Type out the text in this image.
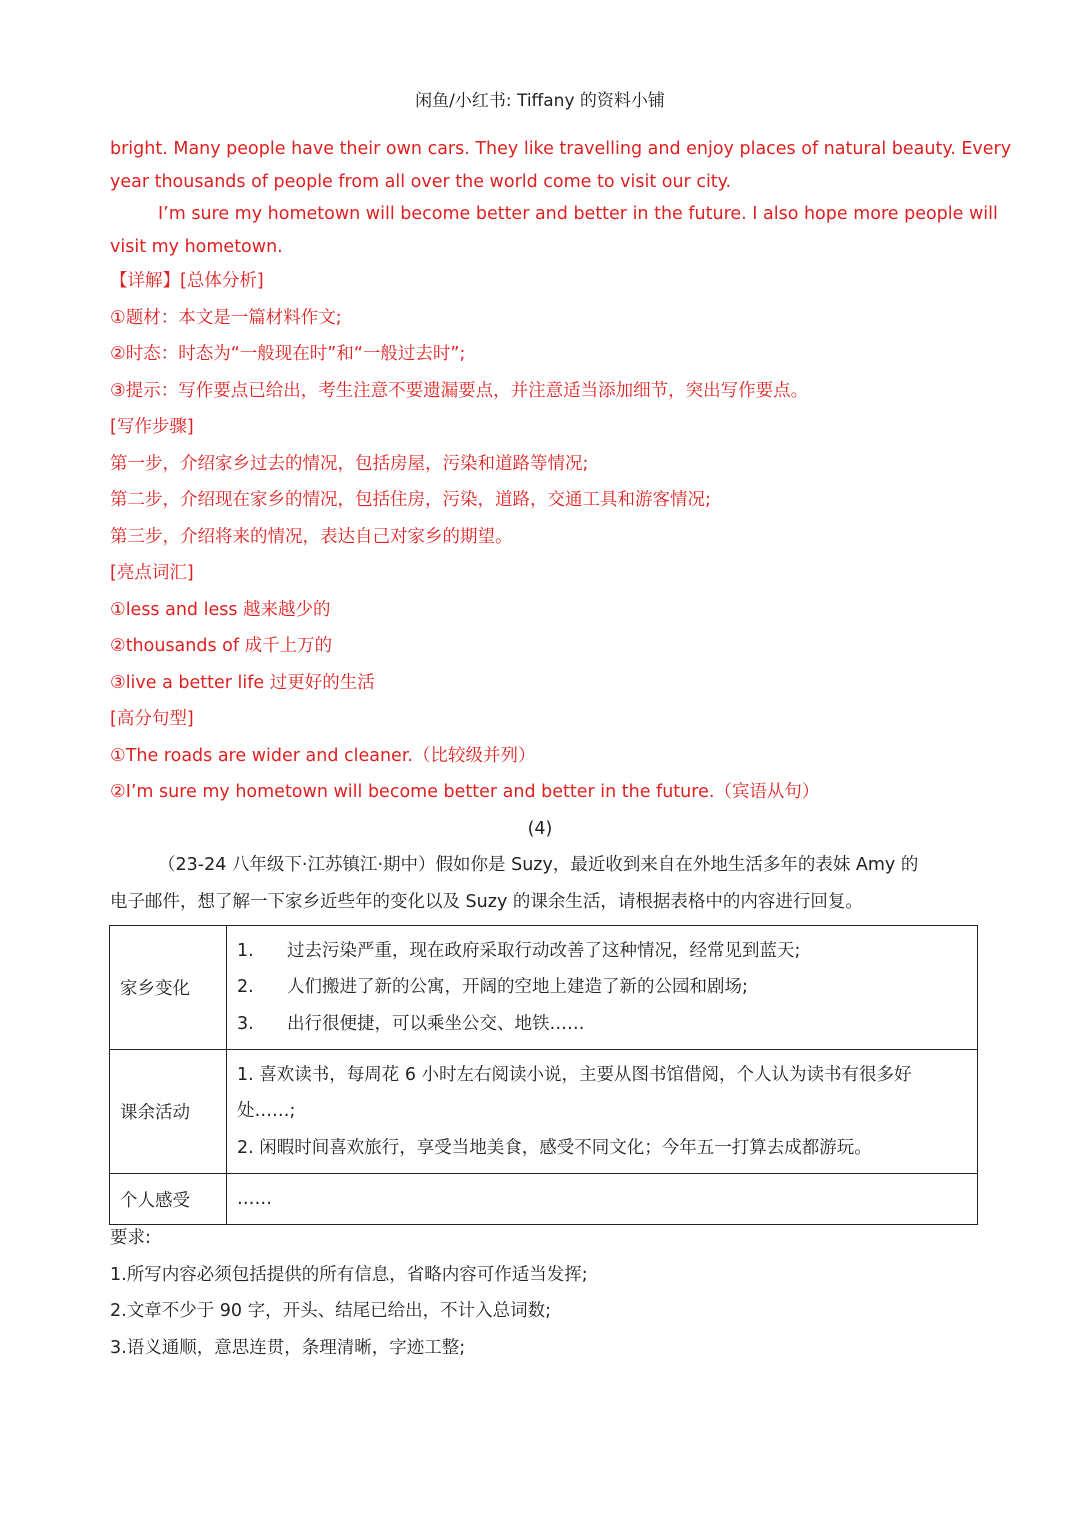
闲鱼/小红书: Tiffany 的资料小铺
bright. Many people have their own cars. They like travelling and enjoy places of natural beauty. Every
year thousands of people from all over the world come to visit our city.
I’m sure my hometown will become better and better in the future. I also hope more people will
visit my hometown.
【详解】[总体分析]
①题材：本文是一篇材料作文;
②时态：时态为“一般现在时”和“一般过去时”;
③提示：写作要点已给出，考生注意不要遗漏要点，并注意适当添加细节，突出写作要点。
[写作步骤]
第一步，介绍家乡过去的情况，包括房屋，污染和道路等情况;
第二步，介绍现在家乡的情况，包括住房，污染，道路，交通工具和游客情况;
第三步，介绍将来的情况，表达自己对家乡的期望。
[亮点词汇]
①less and less 越来越少的
②thousands of 成千上万的
③live a better life 过更好的生活
[高分句型]
①The roads are wider and cleaner.（比较级并列）
②I’m sure my hometown will become better and better in the future.（宾语从句）
(4)
（23-24 八年级下·江苏镇江·期中）假如你是 Suzy，最近收到来自在外地生活多年的表妹 Amy 的
电子邮件，想了解一下家乡近些年的变化以及 Suzy 的课余生活，请根据表格中的内容进行回复。
家乡变化	1. 过去污染严重，现在政府采取行动改善了这种情况，经常见到蓝天;
2. 人们搬进了新的公寓，开阔的空地上建造了新的公园和剧场;
3. 出行很便捷，可以乘坐公交、地铁……

课余活动	1. 喜欢读书，每周花 6 小时左右阅读小说，主要从图书馆借阅，个人认为读书有很多好
处……;
2. 闲暇时间喜欢旅行，享受当地美食，感受不同文化；今年五一打算去成都游玩。

个人感受	……
要求:
1.所写内容必须包括提供的所有信息，省略内容可作适当发挥;
2.文章不少于 90 字，开头、结尾已给出，不计入总词数;
3.语义通顺，意思连贯，条理清晰，字迹工整;
